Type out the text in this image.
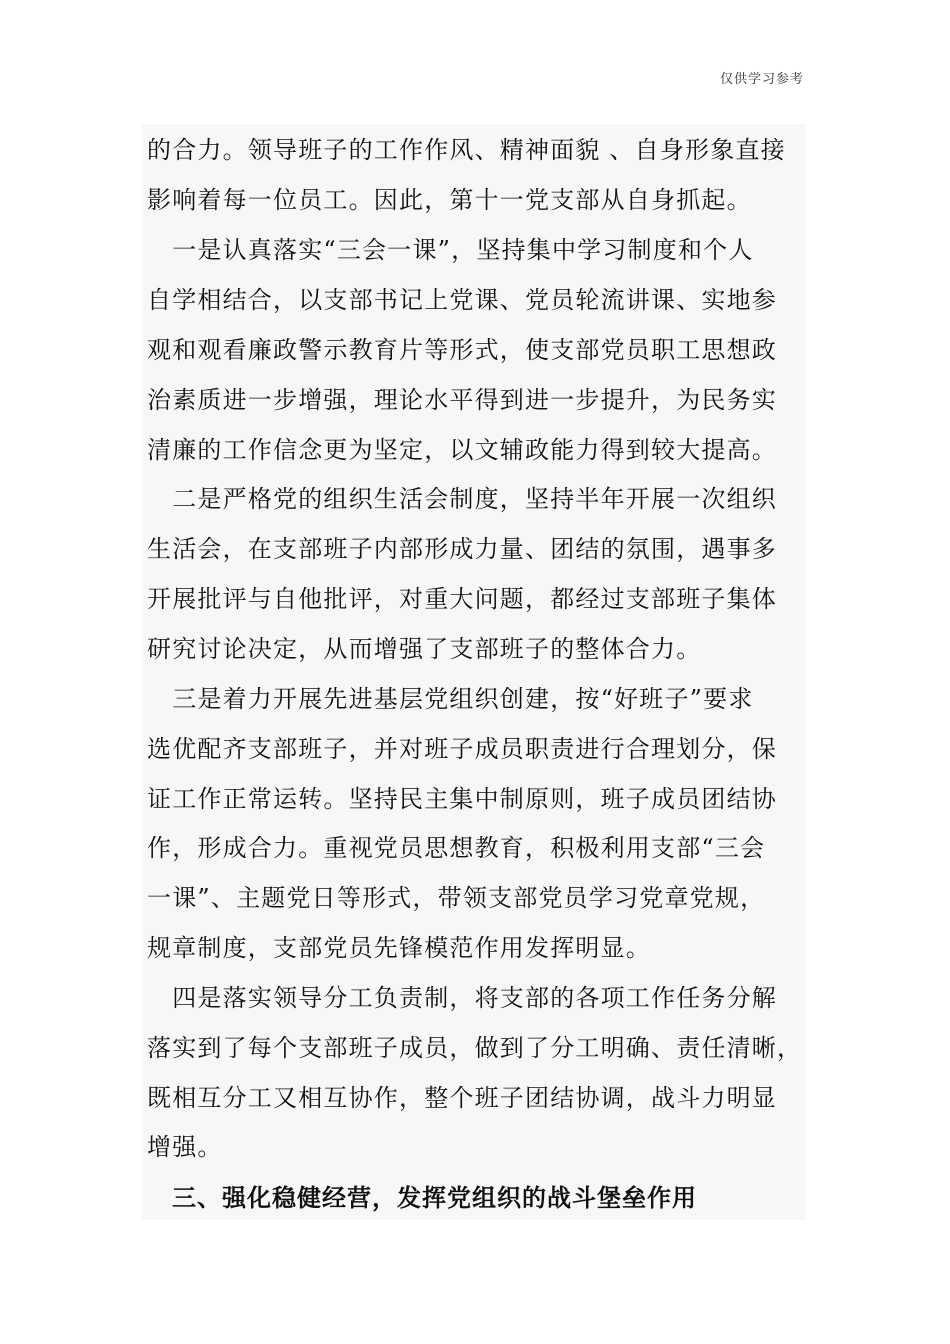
仅供学习参考
的合力。领导班子的工作作风、精神面貌 、自身形象直接
影响着每一位员工。因此，第十一党支部从自身抓起。
　一是认真落实“三会一课”，坚持集中学习制度和个人
自学相结合，以支部书记上党课、党员轮流讲课、实地参
观和观看廉政警示教育片等形式，使支部党员职工思想政
治素质进一步增强，理论水平得到进一步提升，为民务实
清廉的工作信念更为坚定，以文辅政能力得到较大提高。
　二是严格党的组织生活会制度，坚持半年开展一次组织
生活会，在支部班子内部形成力量、团结的氛围，遇事多
开展批评与自他批评，对重大问题，都经过支部班子集体
研究讨论决定，从而增强了支部班子的整体合力。
　三是着力开展先进基层党组织创建，按“好班子”要求
选优配齐支部班子，并对班子成员职责进行合理划分，保
证工作正常运转。坚持民主集中制原则，班子成员团结协
作，形成合力。重视党员思想教育，积极利用支部“三会
一课”、主题党日等形式，带领支部党员学习党章党规，
规章制度，支部党员先锋模范作用发挥明显。
　四是落实领导分工负责制，将支部的各项工作任务分解
落实到了每个支部班子成员，做到了分工明确、责任清晰，
既相互分工又相互协作，整个班子团结协调，战斗力明显
增强。
　三、强化稳健经营，发挥党组织的战斗堡垒作用
